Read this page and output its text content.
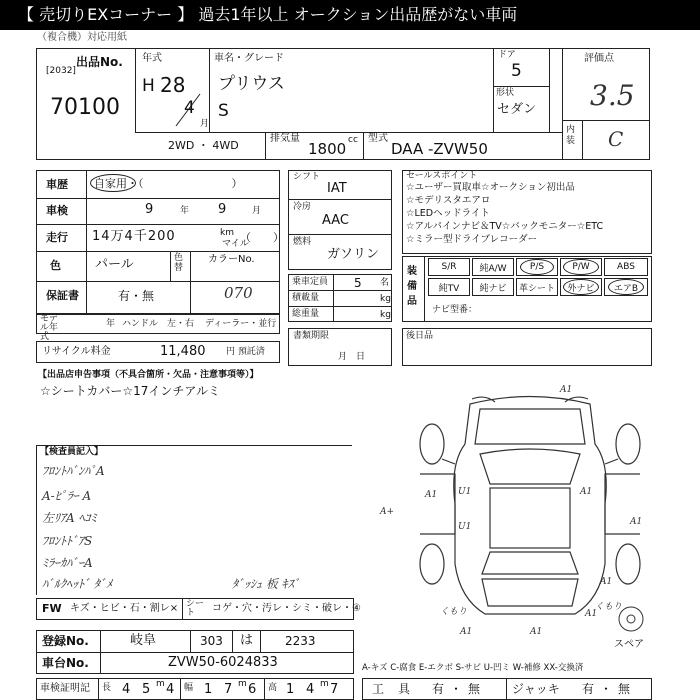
【 売切りEXコーナー 】 過去1年以上 オークション出品歴がない車両
（複合機）対応用紙
出品No.
[2032]
70100
年式
H 28
4
月
車名・グレード
プリウス
S
ドア
5
形状
セダン
評価点
3.5
内装 C
2WD ・ 4WD
排気量
1800 cc 型式
DAA -ZVW50
車歴 自家用・（　　　　　　　　）
車検	9	年 9	月
走行 14万4千200	km
マイル
（　　）
色	パール	色替
カラーNo.
070
保証書	有・無
モデル年式
年 ハンドル　左・右 ディーラー・並行
リサイクル料金	11,480 円 預託済
シフト
IAT
冷房
AAC
燃料
ガソリン
乗車定員 5 名
積載量	kg
総重量	kg
書類期限
月　日
セールスポイント
☆ユーザー買取車☆オークション初出品
☆モデリスタエアロ
☆LEDヘッドライト
☆アルパインナビ＆TV☆バックモニター☆ETC
☆ミラー型ドライブレコーダー
装備品
S/R	純A/W	P/S	P/W	ABS
純TV	純ナビ	革シート	外ナビ	エアB
ナビ型番：
後日品
【出品店申告事項（不具合箇所・欠品・注意事項等）】
☆シートカバー☆17インチアルミ
【検査員記入】
ﾌﾛﾝﾄﾊﾞﾝﾊﾟA
A-ﾋﾟﾗｰ A
左ﾘｱA ﾍｺﾐ
ﾌﾛﾝﾄﾄﾞｱS
ﾐﾗｰｶﾊﾞｰA
ﾊﾞﾙｸﾍｯﾄﾞ ﾀﾞﾒ	ﾀﾞｯｼｭ 板 ｷｽﾞ
FW キズ・ヒビ・石・割レ× シート	コゲ・穴・汚レ・シミ・破レ・④
登録No.	岐阜	303 は	2233
車台No.	ZVW50-6024833
車検証明記 長 4 5 m 4 幅 1 7 m 6 高 1 4 m 7
A-キズ C-腐食 E-エクボ S-サビ U-凹ミ W-補修 XX-交換済
工具 有・無 ジャッキ 有・無
A1
U1
U1
A1
A1
A+
A1
A1
A1	A1
A1
くもり	くもり
スペア
